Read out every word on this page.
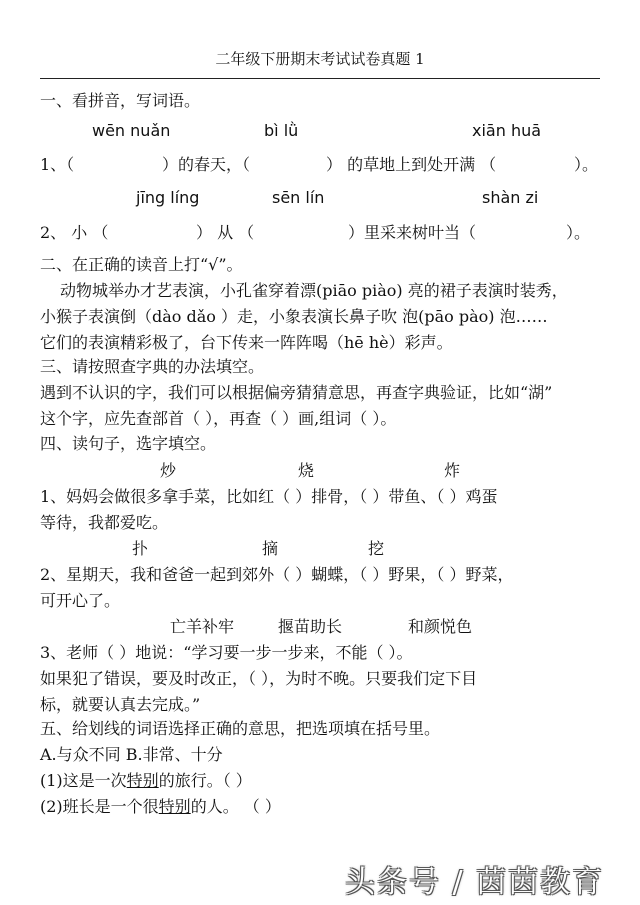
二年级下册期末考试试卷真题 1
一、看拼音，写词语。
wēn nuǎn	bì lǜ	xiān huā
1、（	）的春天，（	） 的草地上到处开满 （	）。
jīng líng	sēn lín	shàn zi
2、 小 （	） 从 （	）里采来树叶当（	）。
二、在正确的读音上打“√”。
动物城举办才艺表演，小孔雀穿着漂(piāo piào) 亮的裙子表演时装秀，
小猴子表演倒（dào dǎo ）走，小象表演长鼻子吹 泡(pāo pào) 泡……
它们的表演精彩极了，台下传来一阵阵喝（hē hè）彩声。
三、请按照查字典的办法填空。
遇到不认识的字，我们可以根据偏旁猜猜意思，再查字典验证，比如“湖”
这个字，应先查部首（ ），再查（ ）画,组词（ ）。
四、读句子，选字填空。
炒	烧	炸
1、妈妈会做很多拿手菜，比如红（ ）排骨，（ ）带鱼、（ ）鸡蛋
等待，我都爱吃。
扑	摘	挖
2、星期天，我和爸爸一起到郊外（ ）蝴蝶，（ ）野果，（ ）野菜，
可开心了。
亡羊补牢	揠苗助长	和颜悦色
3、老师（ ）地说：“学习要一步一步来，不能（ ）。
如果犯了错误，要及时改正，（ ），为时不晚。只要我们定下目
标，就要认真去完成。”
五、给划线的词语选择正确的意思，把选项填在括号里。
A.与众不同 B.非常、十分
(1)这是一次特别的旅行。（ ）
(2)班长是一个很特别的人。 （ ）
头条号 / 茵茵教育
